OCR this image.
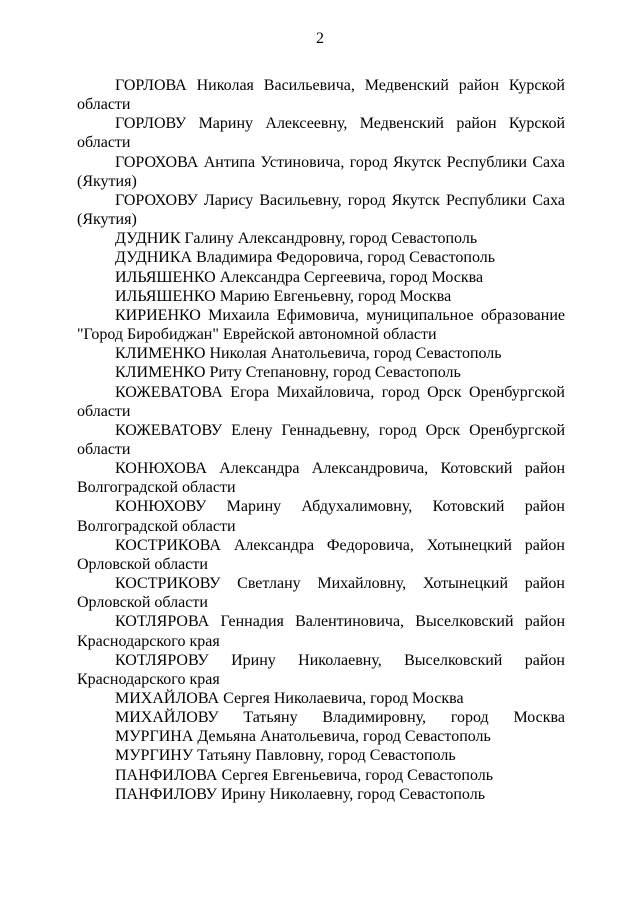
2
ГОРЛОВА Николая Васильевича, Медвенский район Курской области
ГОРЛОВУ Марину Алексеевну, Медвенский район Курской области
ГОРОХОВА Антипа Устиновича, город Якутск Республики Саха (Якутия)
ГОРОХОВУ Ларису Васильевну, город Якутск Республики Саха (Якутия)
ДУДНИК Галину Александровну, город Севастополь
ДУДНИКА Владимира Федоровича, город Севастополь
ИЛЬЯШЕНКО Александра Сергеевича, город Москва
ИЛЬЯШЕНКО Марию Евгеньевну, город Москва
КИРИЕНКО Михаила Ефимовича, муниципальное образование "Город Биробиджан" Еврейской автономной области
КЛИМЕНКО Николая Анатольевича, город Севастополь
КЛИМЕНКО Риту Степановну, город Севастополь
КОЖЕВАТОВА Егора Михайловича, город Орск Оренбургской области
КОЖЕВАТОВУ Елену Геннадьевну, город Орск Оренбургской области
КОНЮХОВА Александра Александровича, Котовский район Волгоградской области
КОНЮХОВУ Марину Абдухалимовну, Котовский район Волгоградской области
КОСТРИКОВА Александра Федоровича, Хотынецкий район Орловской области
КОСТРИКОВУ Светлану Михайловну, Хотынецкий район Орловской области
КОТЛЯРОВА Геннадия Валентиновича, Выселковский район Краснодарского края
КОТЛЯРОВУ Ирину Николаевну, Выселковский район Краснодарского края
МИХАЙЛОВА Сергея Николаевича, город Москва
МИХАЙЛОВУ Татьяну Владимировну, город Москва
МУРГИНА Демьяна Анатольевича, город Севастополь
МУРГИНУ Татьяну Павловну, город Севастополь
ПАНФИЛОВА Сергея Евгеньевича, город Севастополь
ПАНФИЛОВУ Ирину Николаевну, город Севастополь
